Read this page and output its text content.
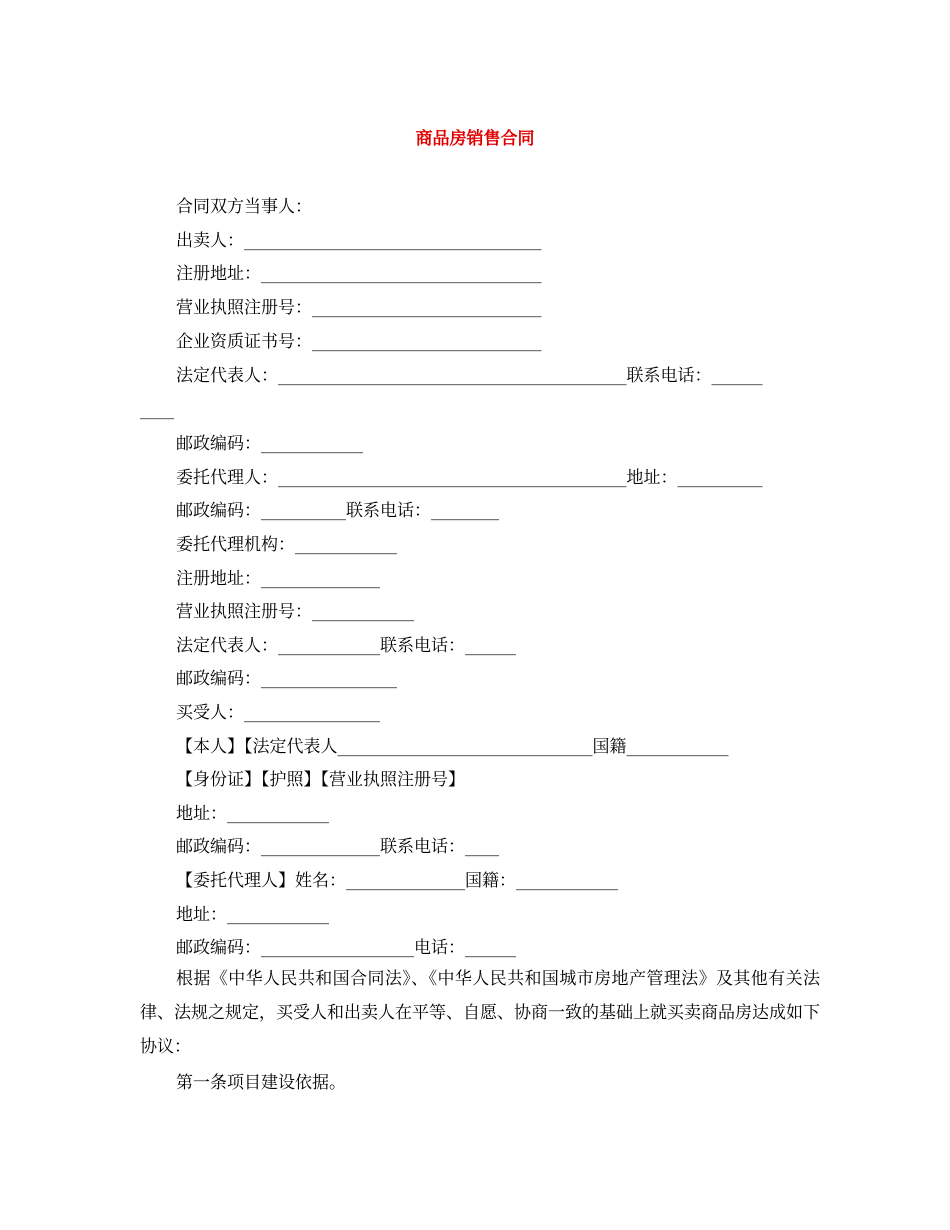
商品房销售合同
合同双方当事人：
出卖人：___________________________________
注册地址：_________________________________
营业执照注册号：___________________________
企业资质证书号：___________________________
法定代表人：_________________________________________联系电话：______
____
邮政编码：____________
委托代理人：_________________________________________地址：__________
邮政编码：__________联系电话：________
委托代理机构：____________
注册地址：______________
营业执照注册号：____________
法定代表人：____________联系电话：______
邮政编码：________________
买受人：________________
【本人】【法定代表人______________________________国籍____________
【身份证】【护照】【营业执照注册号】
地址：____________
邮政编码：______________联系电话：____
【委托代理人】姓名：______________国籍：____________
地址：____________
邮政编码：__________________电话：______
根据《中华人民共和国合同法》、《中华人民共和国城市房地产管理法》及其他有关法律、法规之规定，买受人和出卖人在平等、自愿、协商一致的基础上就买卖商品房达成如下协议：
第一条项目建设依据。
